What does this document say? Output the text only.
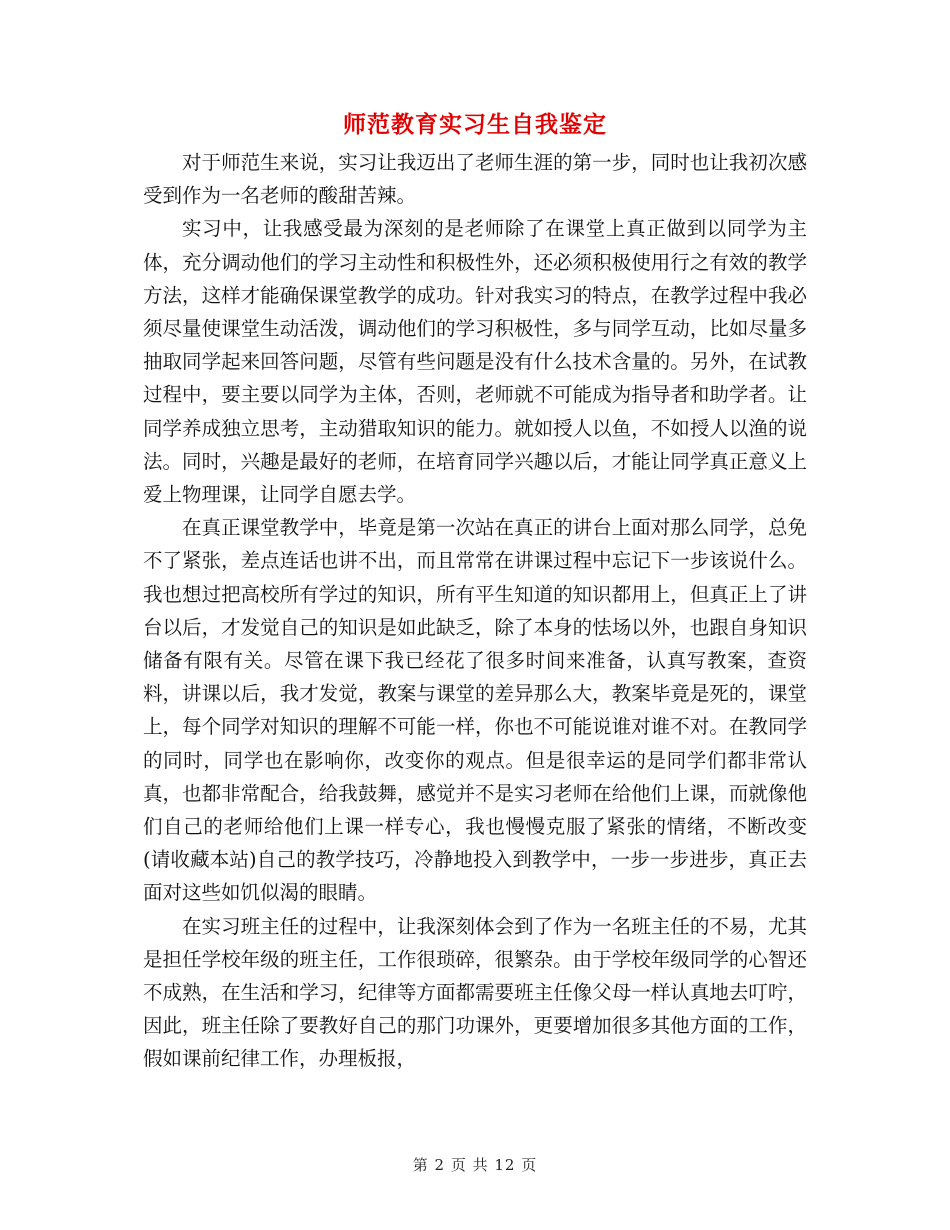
师范教育实习生自我鉴定

对于师范生来说，实习让我迈出了老师生涯的第一步，同时也让我初次感受到作为一名老师的酸甜苦辣。

实习中，让我感受最为深刻的是老师除了在课堂上真正做到以同学为主体，充分调动他们的学习主动性和积极性外，还必须积极使用行之有效的教学方法，这样才能确保课堂教学的成功。针对我实习的特点，在教学过程中我必须尽量使课堂生动活泼，调动他们的学习积极性，多与同学互动，比如尽量多抽取同学起来回答问题，尽管有些问题是没有什么技术含量的。另外，在试教过程中，要主要以同学为主体，否则，老师就不可能成为指导者和助学者。让同学养成独立思考，主动猎取知识的能力。就如授人以鱼，不如授人以渔的说法。同时，兴趣是最好的老师，在培育同学兴趣以后，才能让同学真正意义上爱上物理课，让同学自愿去学。

在真正课堂教学中，毕竟是第一次站在真正的讲台上面对那么同学，总免不了紧张，差点连话也讲不出，而且常常在讲课过程中忘记下一步该说什么。我也想过把高校所有学过的知识，所有平生知道的知识都用上，但真正上了讲台以后，才发觉自己的知识是如此缺乏，除了本身的怯场以外，也跟自身知识储备有限有关。尽管在课下我已经花了很多时间来准备，认真写教案，查资料，讲课以后，我才发觉，教案与课堂的差异那么大，教案毕竟是死的，课堂上，每个同学对知识的理解不可能一样，你也不可能说谁对谁不对。在教同学的同时，同学也在影响你，改变你的观点。但是很幸运的是同学们都非常认真，也都非常配合，给我鼓舞，感觉并不是实习老师在给他们上课，而就像他们自己的老师给他们上课一样专心，我也慢慢克服了紧张的情绪，不断改变(请收藏本站)自己的教学技巧，冷静地投入到教学中，一步一步进步，真正去面对这些如饥似渴的眼睛。

在实习班主任的过程中，让我深刻体会到了作为一名班主任的不易，尤其是担任学校年级的班主任，工作很琐碎，很繁杂。由于学校年级同学的心智还不成熟，在生活和学习，纪律等方面都需要班主任像父母一样认真地去叮咛，因此，班主任除了要教好自己的那门功课外，更要增加很多其他方面的工作，假如课前纪律工作，办理板报，

第 2 页 共 12 页
